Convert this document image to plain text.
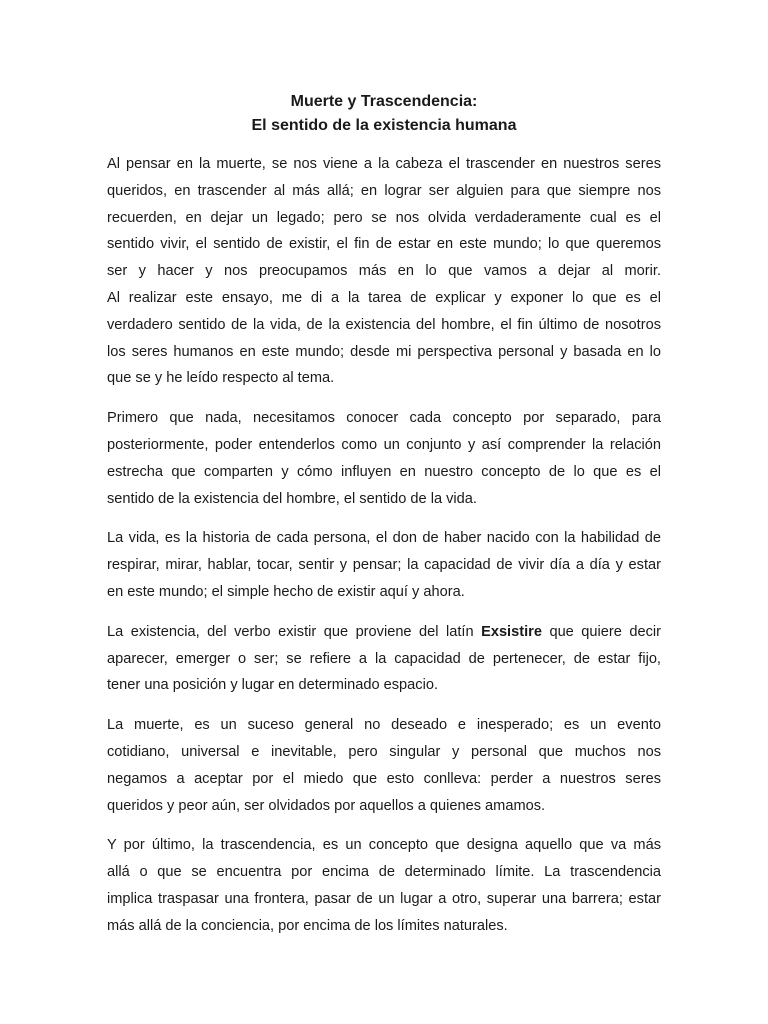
Muerte y Trascendencia:
El sentido de la existencia humana

Al pensar en la muerte, se nos viene a la cabeza el trascender en nuestros seres
queridos, en trascender al más allá; en lograr ser alguien para que siempre nos
recuerden, en dejar un legado; pero se nos olvida verdaderamente cual es el
sentido vivir, el sentido de existir, el fin de estar en este mundo; lo que queremos
ser y hacer y nos preocupamos más en lo que vamos a dejar al morir.
Al realizar este ensayo, me di a la tarea de explicar y exponer lo que es el
verdadero sentido de la vida, de la existencia del hombre, el fin último de nosotros
los seres humanos en este mundo; desde mi perspectiva personal y basada en lo
que se y he leído respecto al tema.

Primero que nada, necesitamos conocer cada concepto por separado, para
posteriormente, poder entenderlos como un conjunto y así comprender la relación
estrecha que comparten y cómo influyen en nuestro concepto de lo que es el
sentido de la existencia del hombre, el sentido de la vida.

La vida, es la historia de cada persona, el don de haber nacido con la habilidad de
respirar, mirar, hablar, tocar, sentir y pensar; la capacidad de vivir día a día y estar
en este mundo; el simple hecho de existir aquí y ahora.

La existencia, del verbo existir que proviene del latín Exsistire que quiere decir
aparecer, emerger o ser; se refiere a la capacidad de pertenecer, de estar fijo,
tener una posición y lugar en determinado espacio.

La muerte, es un suceso general no deseado e inesperado; es un evento
cotidiano, universal e inevitable, pero singular y personal que muchos nos
negamos a aceptar por el miedo que esto conlleva: perder a nuestros seres
queridos y peor aún, ser olvidados por aquellos a quienes amamos.

Y por último, la trascendencia, es un concepto que designa aquello que va más
allá o que se encuentra por encima de determinado límite. La trascendencia
implica traspasar una frontera, pasar de un lugar a otro, superar una barrera; estar
más allá de la conciencia, por encima de los límites naturales.
